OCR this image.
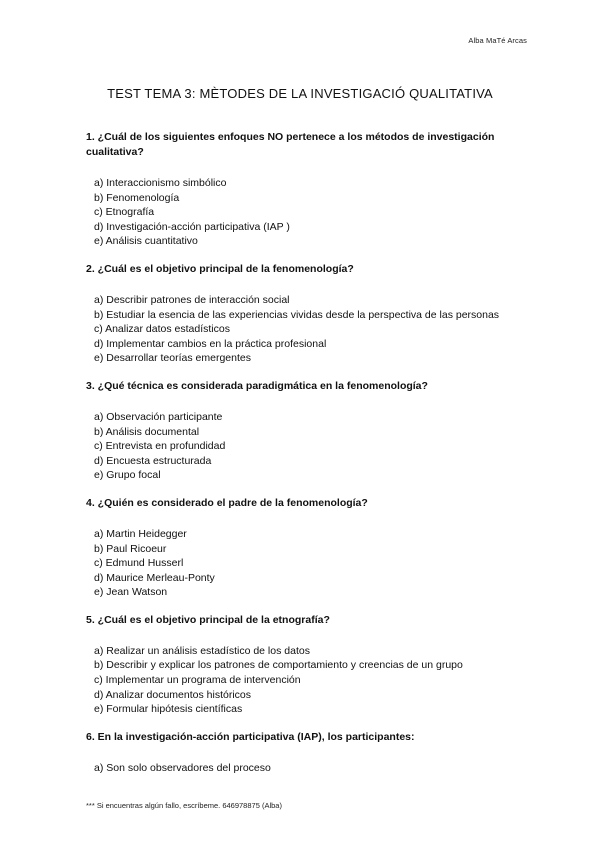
Alba MaTé Arcas
TEST TEMA 3: MÈTODES DE LA INVESTIGACIÓ QUALITATIVA

1. ¿Cuál de los siguientes enfoques NO pertenece a los métodos de investigación cualitativa?

a) Interaccionismo simbólico
b) Fenomenología
c) Etnografía
d) Investigación-acción participativa (IAP )
e) Análisis cuantitativo

2. ¿Cuál es el objetivo principal de la fenomenología?

a) Describir patrones de interacción social
b) Estudiar la esencia de las experiencias vividas desde la perspectiva de las personas
c) Analizar datos estadísticos
d) Implementar cambios en la práctica profesional
e) Desarrollar teorías emergentes

3. ¿Qué técnica es considerada paradigmática en la fenomenología?

a) Observación participante
b) Análisis documental
c) Entrevista en profundidad
d) Encuesta estructurada
e) Grupo focal

4. ¿Quién es considerado el padre de la fenomenología?

a) Martin Heidegger
b) Paul Ricoeur
c) Edmund Husserl
d) Maurice Merleau-Ponty
e) Jean Watson

5. ¿Cuál es el objetivo principal de la etnografía?

a) Realizar un análisis estadístico de los datos
b) Describir y explicar los patrones de comportamiento y creencias de un grupo
c) Implementar un programa de intervención
d) Analizar documentos históricos
e) Formular hipótesis científicas

6. En la investigación-acción participativa (IAP), los participantes:

a) Son solo observadores del proceso
*** Si encuentras algún fallo, escríbeme. 646978875 (Alba)
